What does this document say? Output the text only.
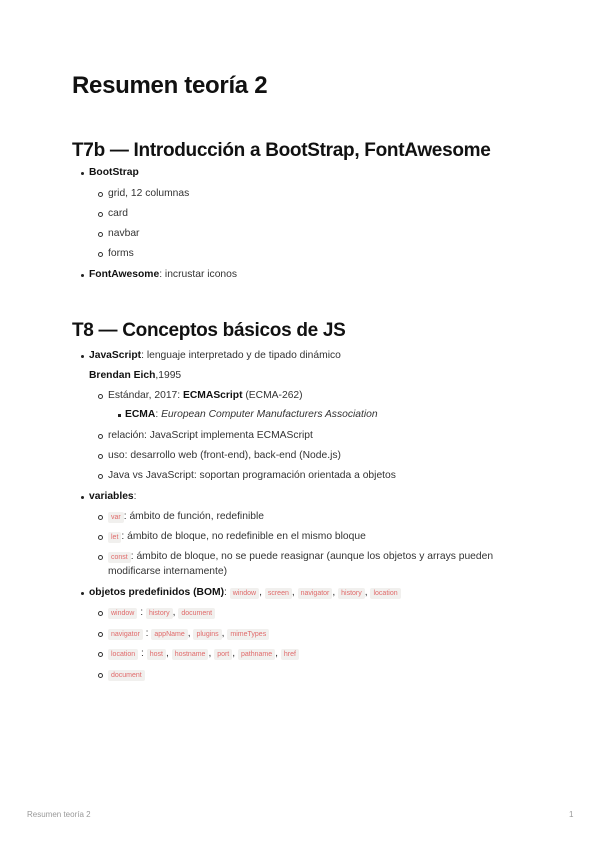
Resumen teoría 2
T7b — Introducción a BootStrap, FontAwesome
BootStrap
grid, 12 columnas
card
navbar
forms
FontAwesome: incrustar iconos
T8 — Conceptos básicos de JS
JavaScript: lenguaje interpretado y de tipado dinámico
Brendan Eich,1995
Estándar, 2017: ECMAScript (ECMA-262)
ECMA: European Computer Manufacturers Association
relación: JavaScript implementa ECMAScript
uso: desarrollo web (front-end), back-end (Node.js)
Java vs JavaScript: soportan programación orientada a objetos
variables:
var : ámbito de función, redefinible
let : ámbito de bloque, no redefinible en el mismo bloque
const : ámbito de bloque, no se puede reasignar (aunque los objetos y arrays pueden
modificarse internamente)
objetos predefinidos (BOM): window , screen , navigator , history , location
window : history , document
navigator : appName , plugins , mimeTypes
location : host , hostname , port , pathname , href
document
Resumen teoría 2	1
